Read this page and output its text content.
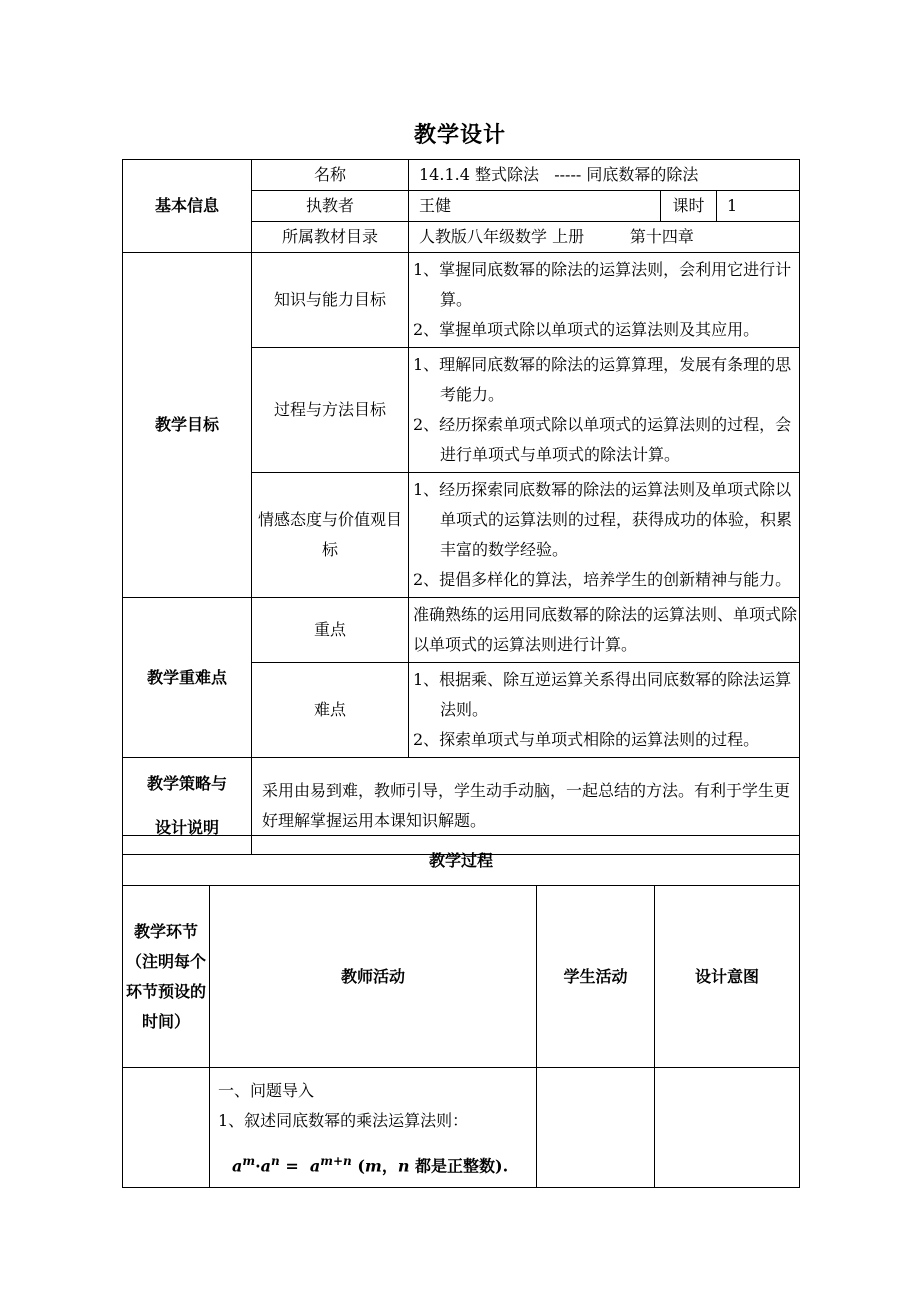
教学设计
基本信息	名称	14.1.4 整式除法   ----- 同底数幂的除法		
	执教者	王健	课时	1
	所属教材目录	人教版八年级数学 上册         第十四章		
教学目标	知识与能力目标	1、掌握同底数幂的除法的运算法则，会利用它进行计算。
2、掌握单项式除以单项式的运算法则及其应用。		

	过程与方法目标	1、理解同底数幂的除法的运算算理，发展有条理的思考能力。
2、经历探索单项式除以单项式的运算法则的过程，会进行单项式与单项式的除法计算。		

	情感态度与价值观目标	1、经历探索同底数幂的除法的运算法则及单项式除以单项式的运算法则的过程，获得成功的体验，积累丰富的数学经验。
2、提倡多样化的算法，培养学生的创新精神与能力。		

教学重难点	重点	准确熟练的运用同底数幂的除法的运算法则、单项式除以单项式的运算法则进行计算。		
	难点	1、根据乘、除互逆运算关系得出同底数幂的除法运算法则。
2、探索单项式与单项式相除的运算法则的过程。		

教学策略与
设计说明	采用由易到难，教师引导，学生动手动脑，一起总结的方法。有利于学生更好理解掌握运用本课知识解题。			
教学过程			
教学环节（注明每个环节预设的时间）	教师活动	学生活动	设计意图

	一、问题导入
1、叙述同底数幂的乘法运算法则：
$a^m\cdot a^n = a^{m+n}$ (m，n 都是正整数).		
